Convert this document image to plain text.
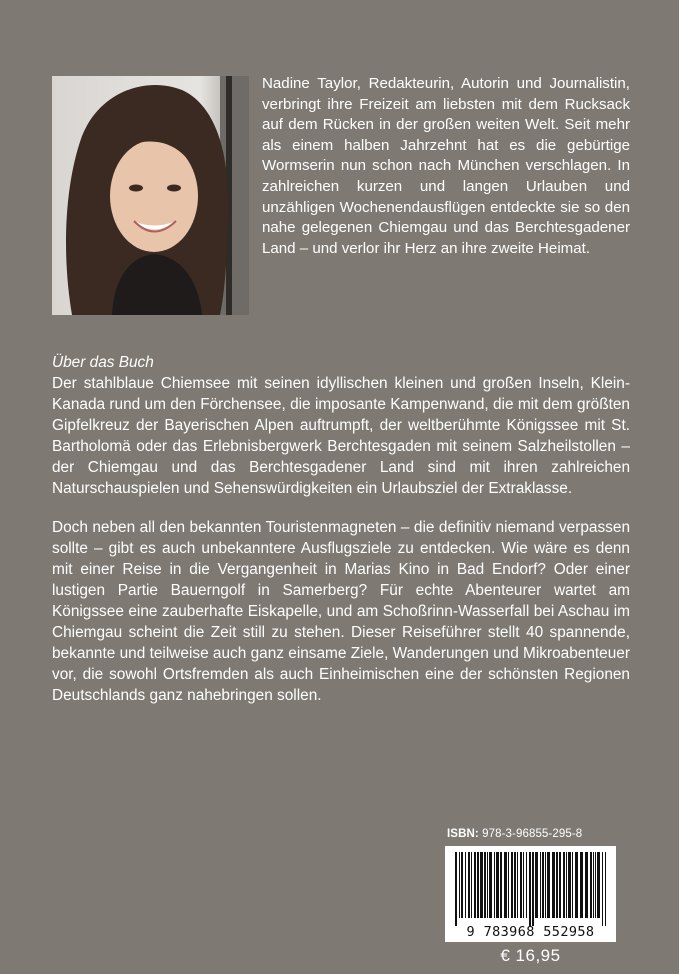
Nadine Taylor, Redakteurin, Autorin und Journalistin, verbringt ihre Freizeit am liebsten mit dem Rucksack auf dem Rücken in der großen weiten Welt. Seit mehr als einem halben Jahrzehnt hat es die gebürtige Wormserin nun schon nach München verschlagen. In zahlreichen kurzen und langen Urlauben und unzähligen Wochenendausflügen entdeckte sie so den nahe gelegenen Chiemgau und das Berchtesgadener Land – und verlor ihr Herz an ihre zweite Heimat.

Über das Buch

Der stahlblaue Chiemsee mit seinen idyllischen kleinen und großen Inseln, Klein-Kanada rund um den Förchensee, die imposante Kampenwand, die mit dem größten Gipfelkreuz der Bayerischen Alpen auftrumpft, der weltberühmte Königssee mit St. Bartholomä oder das Erlebnisbergwerk Berchtesgaden mit seinem Salzheilstollen – der Chiemgau und das Berchtesgadener Land sind mit ihren zahlreichen Naturschauspielen und Sehenswürdigkeiten ein Urlaubsziel der Extraklasse.

Doch neben all den bekannten Touristenmagneten – die definitiv niemand verpassen sollte – gibt es auch unbekanntere Ausflugsziele zu entdecken. Wie wäre es denn mit einer Reise in die Vergangenheit in Marias Kino in Bad Endorf? Oder einer lustigen Partie Bauerngolf in Samerberg? Für echte Abenteurer wartet am Königssee eine zauberhafte Eiskapelle, und am Schoßrinn-Wasserfall bei Aschau im Chiemgau scheint die Zeit still zu stehen. Dieser Reiseführer stellt 40 spannende, bekannte und teilweise auch ganz einsame Ziele, Wanderungen und Mikroabenteuer vor, die sowohl Ortsfremden als auch Einheimischen eine der schönsten Regionen Deutschlands ganz nahebringen sollen.

ISBN: 978-3-96855-295-8
9 783968 552958
€ 16,95
